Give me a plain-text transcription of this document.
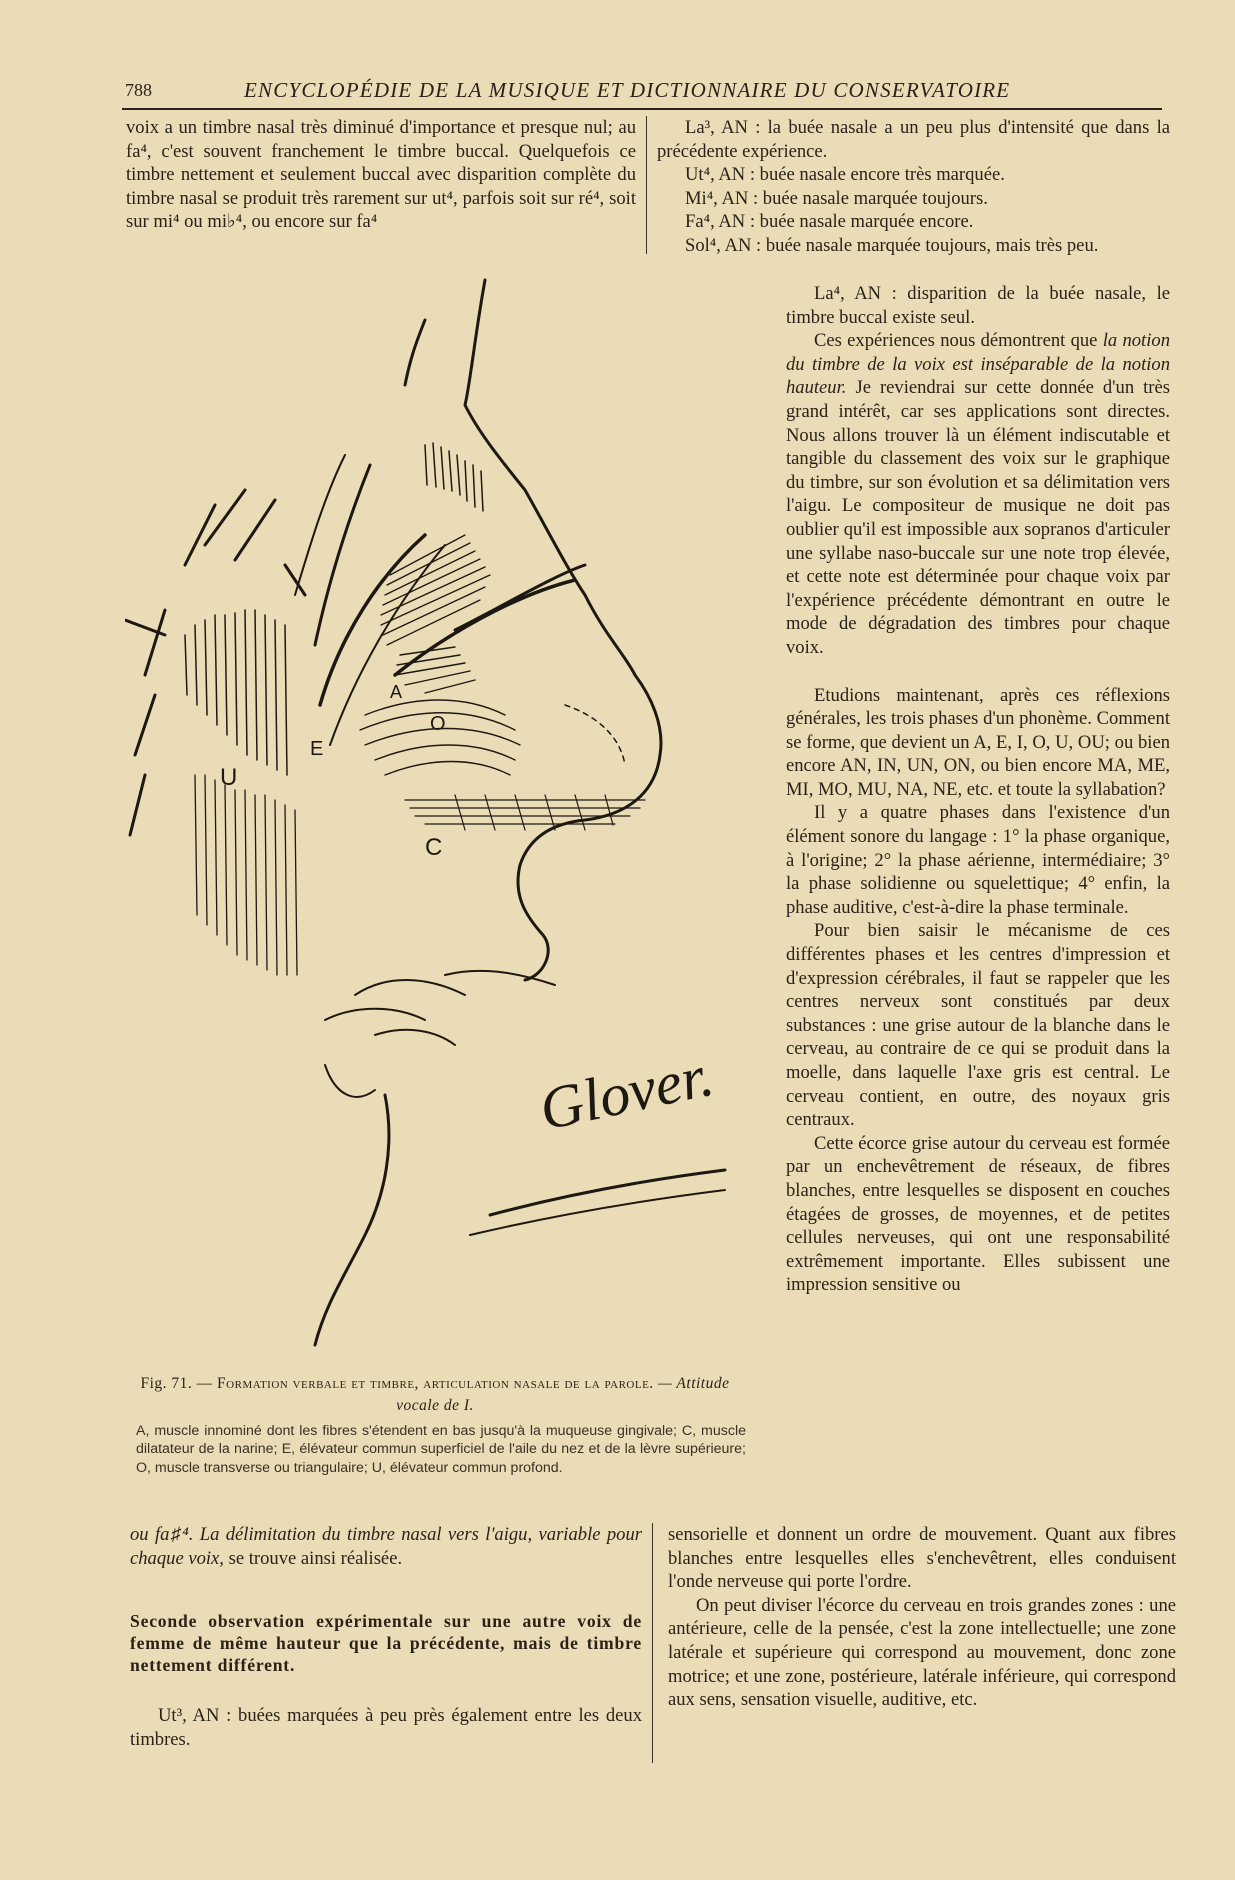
788	ENCYCLOPÉDIE DE LA MUSIQUE ET DICTIONNAIRE DU CONSERVATOIRE

voix a un timbre nasal très diminué d'importance et presque nul; au fa⁴, c'est souvent franchement le timbre buccal. Quelquefois ce timbre nettement et seulement buccal avec disparition complète du timbre nasal se produit très rarement sur ut⁴, parfois soit sur ré⁴, soit sur mi⁴ ou mi♭⁴, ou encore sur fa⁴

La³, AN : la buée nasale a un peu plus d'intensité que dans la précédente expérience.

Ut⁴, AN : buée nasale encore très marquée.

Mi⁴, AN : buée nasale marquée toujours.

Fa⁴, AN : buée nasale marquée encore.

Sol⁴, AN : buée nasale marquée toujours, mais très peu.

La⁴, AN : disparition de la buée nasale, le timbre buccal existe seul.

Ces expériences nous démontrent que la notion du timbre de la voix est inséparable de la notion hauteur. Je reviendrai sur cette donnée d'un très grand intérêt, car ses applications sont directes. Nous allons trouver là un élément indiscutable et tangible du classement des voix sur le graphique du timbre, sur son évolution et sa délimitation vers l'aigu. Le compositeur de musique ne doit pas oublier qu'il est impossible aux sopranos d'articuler une syllabe naso-buccale sur une note trop élevée, et cette note est déterminée pour chaque voix par l'expérience précédente démontrant en outre le mode de dégradation des timbres pour chaque voix.

Etudions maintenant, après ces réflexions générales, les trois phases d'un phonème. Comment se forme, que devient un A, E, I, O, U, OU; ou bien encore AN, IN, UN, ON, ou bien encore MA, ME, MI, MO, MU, NA, NE, etc. et toute la syllabation?

Il y a quatre phases dans l'existence d'un élément sonore du langage : 1° la phase organique, à l'origine; 2° la phase aérienne, intermédiaire; 3° la phase solidienne ou squelettique; 4° enfin, la phase auditive, c'est-à-dire la phase terminale.

Pour bien saisir le mécanisme de ces différentes phases et les centres d'impression et d'expression cérébrales, il faut se rappeler que les centres nerveux sont constitués par deux substances : une grise autour de la blanche dans le cerveau, au contraire de ce qui se produit dans la moelle, dans laquelle l'axe gris est central. Le cerveau contient, en outre, des noyaux gris centraux.

Cette écorce grise autour du cerveau est formée par un enchevêtrement de réseaux, de fibres blanches, entre lesquelles se disposent en couches étagées de grosses, de moyennes, et de petites cellules nerveuses, qui ont une responsabilité extrêmement importante. Elles subissent une impression sensitive ou

A
E
O
U
C
Glover.
Fig. 71. — Formation verbale et timbre, articulation nasale de la parole. — Attitude vocale de I.
A, muscle innominé dont les fibres s'étendent en bas jusqu'à la muqueuse gingivale; C, muscle dilatateur de la narine; E, élévateur commun superficiel de l'aile du nez et de la lèvre supérieure; O, muscle transverse ou triangulaire; U, élévateur commun profond.

ou fa♯⁴. La délimitation du timbre nasal vers l'aigu, variable pour chaque voix, se trouve ainsi réalisée.

Seconde observation expérimentale sur une autre voix de femme de même hauteur que la précédente, mais de timbre nettement différent.

Ut³, AN : buées marquées à peu près également entre les deux timbres.

sensorielle et donnent un ordre de mouvement. Quant aux fibres blanches entre lesquelles elles s'enchevêtrent, elles conduisent l'onde nerveuse qui porte l'ordre.

On peut diviser l'écorce du cerveau en trois grandes zones : une antérieure, celle de la pensée, c'est la zone intellectuelle; une zone latérale et supérieure qui correspond au mouvement, donc zone motrice; et une zone, postérieure, latérale inférieure, qui correspond aux sens, sensation visuelle, auditive, etc.
